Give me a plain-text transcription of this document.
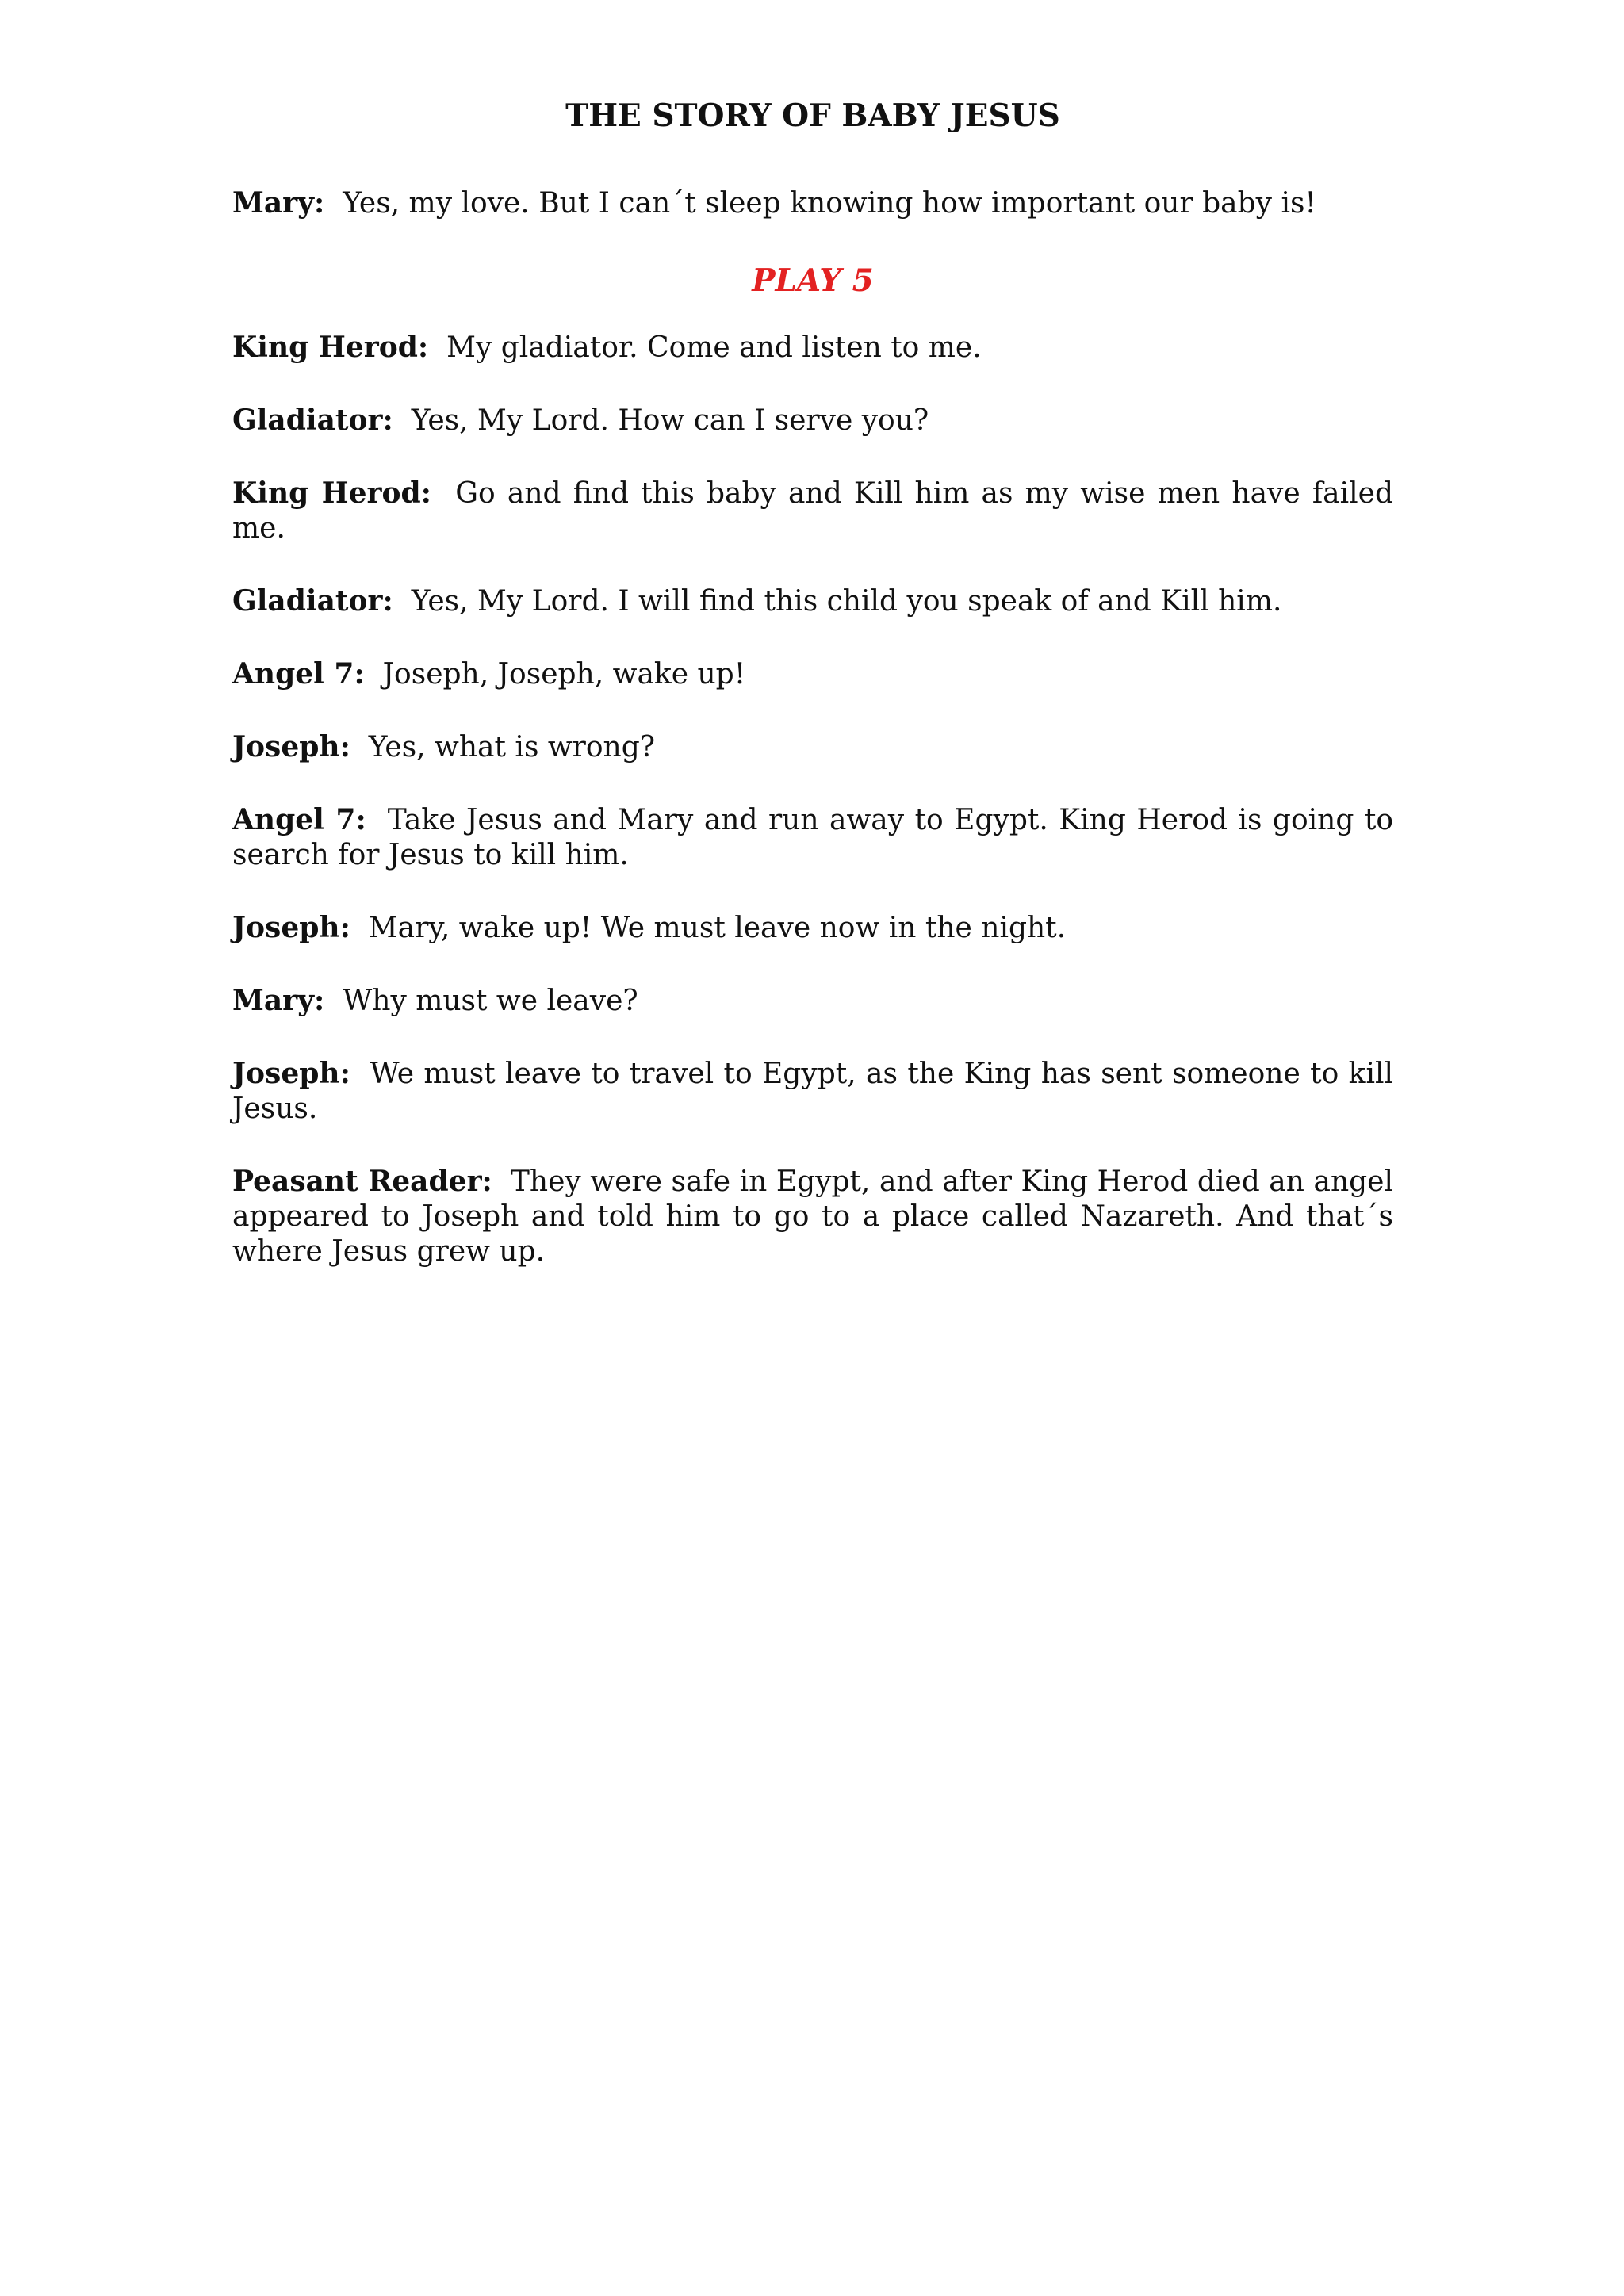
THE STORY OF BABY JESUS

Mary: Yes, my love. But I can´t sleep knowing how important our baby is!

PLAY 5

King Herod: My gladiator. Come and listen to me.

Gladiator: Yes, My Lord. How can I serve you?

King Herod: Go and find this baby and Kill him as my wise men have failed me.

Gladiator: Yes, My Lord. I will find this child you speak of and Kill him.

Angel 7: Joseph, Joseph, wake up!

Joseph: Yes, what is wrong?

Angel 7: Take Jesus and Mary and run away to Egypt. King Herod is going to search for Jesus to kill him.

Joseph: Mary, wake up! We must leave now in the night.

Mary: Why must we leave?

Joseph: We must leave to travel to Egypt, as the King has sent someone to kill Jesus.

Peasant Reader: They were safe in Egypt, and after King Herod died an angel appeared to Joseph and told him to go to a place called Nazareth. And that´s where Jesus grew up.
